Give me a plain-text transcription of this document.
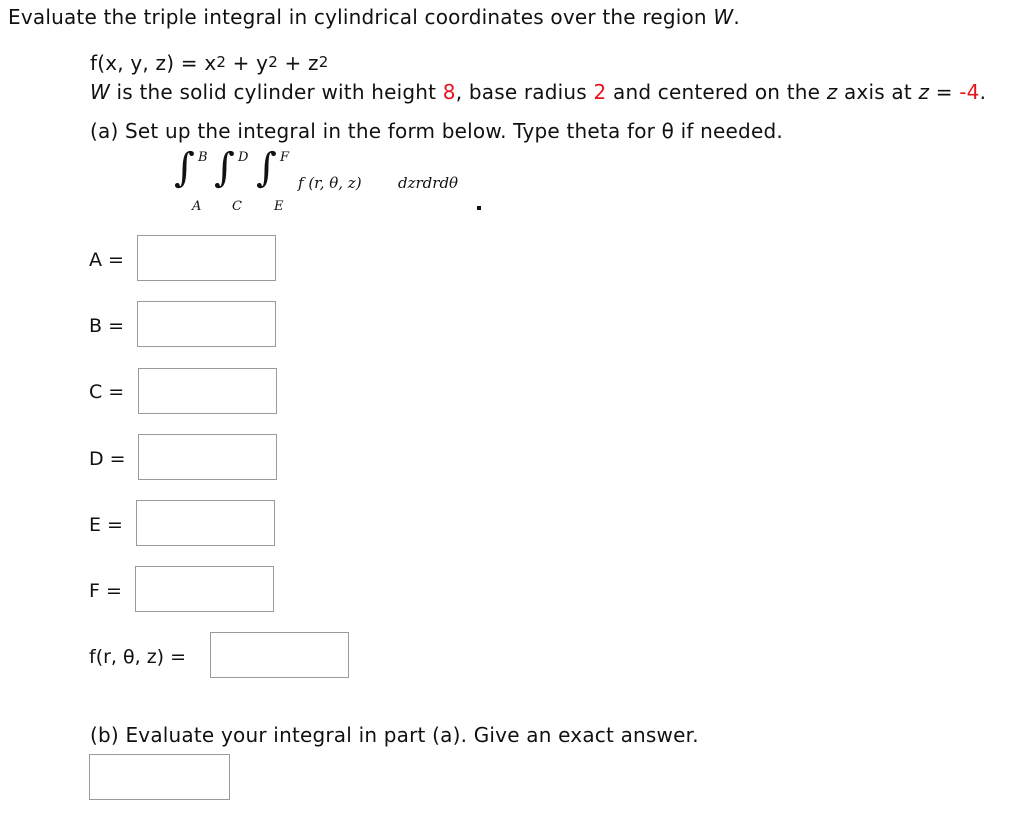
Evaluate the triple integral in cylindrical coordinates over the region W.
f(x, y, $z) = x^2 + y^2 + z^2$
W is the solid cylinder with height 8, base radius 2 and centered on the z axis at z = -4.
(a) Set up the integral in the form below. Type theta for θ if needed.
∫ B
A
∫ D
C
∫ F
E
f (r, θ, z) dzrdrdθ
A =
B =
C =
D =
E =
F =
f(r, θ, z) =
(b) Evaluate your integral in part (a). Give an exact answer.
